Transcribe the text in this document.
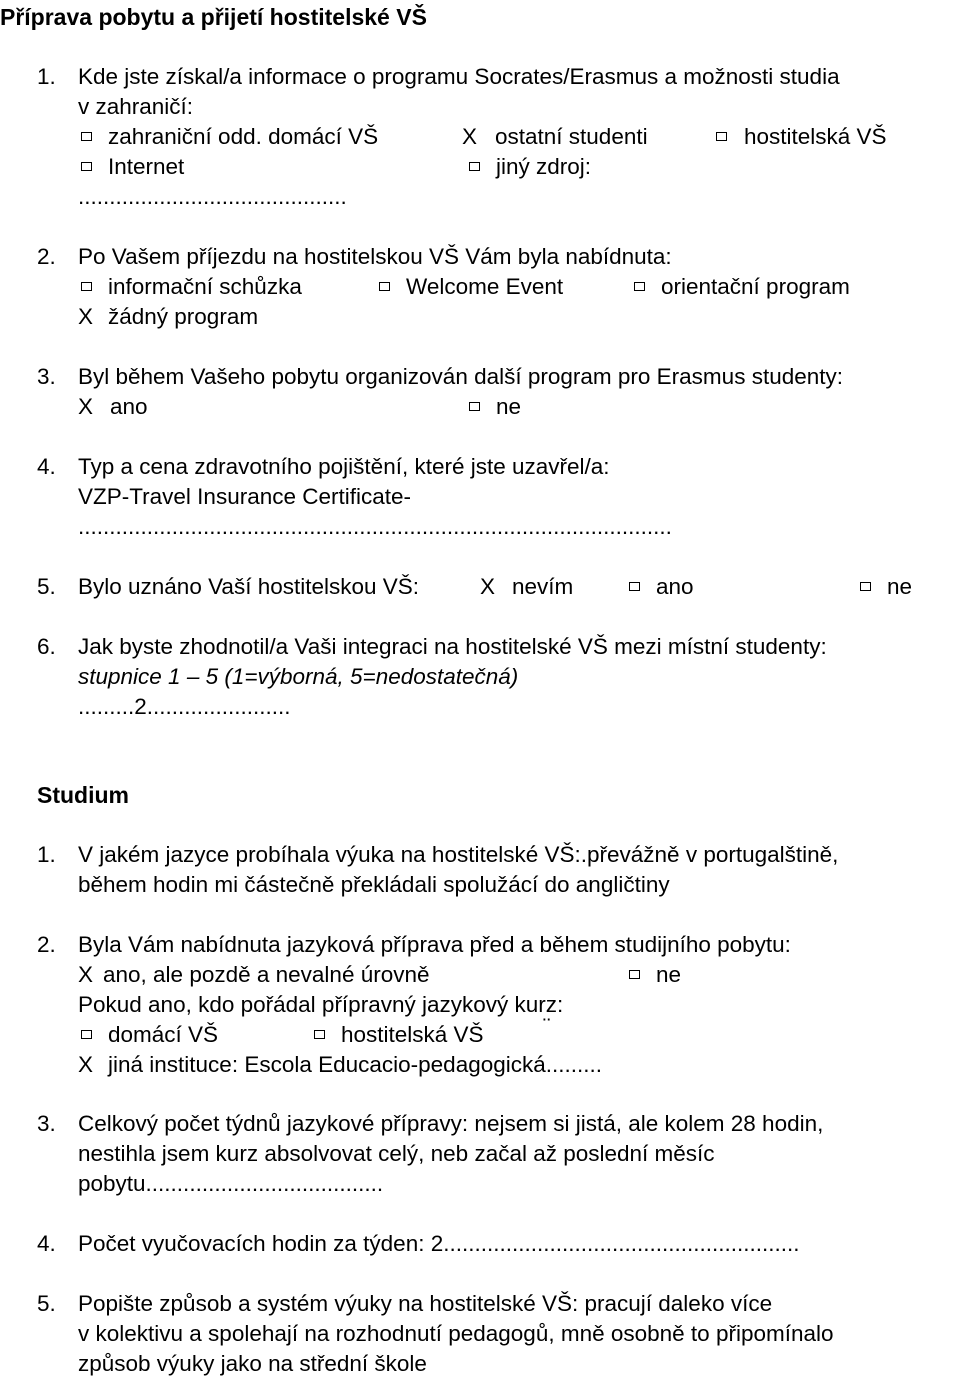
Příprava pobytu a přijetí hostitelské VŠ
1. Kde jste získal/a informace o programu Socrates/Erasmus a možnosti studia
v zahraničí:
zahraniční odd. domácí VŠ	X ostatní studenti	hostitelská VŠ
Internet	jiný zdroj:
...........................................
2. Po Vašem příjezdu na hostitelskou VŠ Vám byla nabídnuta:
informační schůzka	Welcome Event	orientační program
X žádný program
3. Byl během Vašeho pobytu organizován další program pro Erasmus studenty:
X ano	ne
4. Typ a cena zdravotního pojištění, které jste uzavřel/a:
VZP-Travel Insurance Certificate-
...............................................................................................
5. Bylo uznáno Vaší hostitelskou VŠ:	X nevím	ano	ne
6. Jak byste zhodnotil/a Vaši integraci na hostitelské VŠ mezi místní studenty:
stupnice 1 – 5 (1=výborná, 5=nedostatečná)
.........2.......................
Studium
1. V jakém jazyce probíhala výuka na hostitelské VŠ:.převážně v portugalštině,
během hodin mi částečně překládali spolužácí do angličtiny
2. Byla Vám nabídnuta jazyková příprava před a během studijního pobytu:
X ano, ale pozdě a nevalné úrovně	ne
Pokud ano, kdo pořádal přípravný jazykový kurz:
domácí VŠ	hostitelská VŠ	¨
X jiná instituce: Escola Educacio-pedagogická.........
3. Celkový počet týdnů jazykové přípravy: nejsem si jistá, ale kolem 28 hodin,
nestihla jsem kurz absolvovat celý, neb začal až poslední měsíc
pobytu......................................
4. Počet vyučovacích hodin za týden: 2.........................................................
5. Popište způsob a systém výuky na hostitelské VŠ: pracují daleko více
v kolektivu a spolehají na rozhodnutí pedagogů, mně osobně to připomínalo
způsob výuky jako na střední škole
